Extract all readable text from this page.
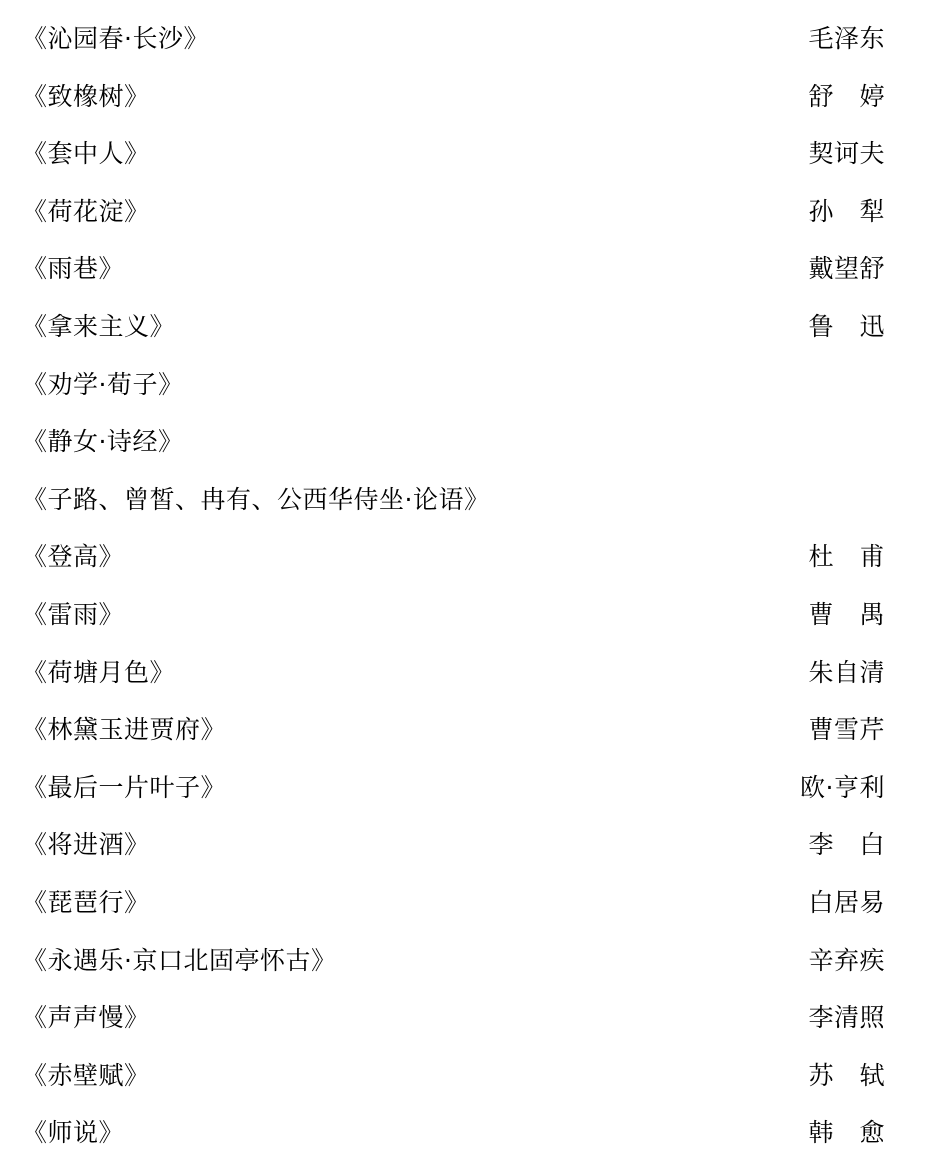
《沁园春·长沙》	毛泽东
《致橡树》	舒　婷
《套中人》	契诃夫
《荷花淀》	孙　犁
《雨巷》	戴望舒
《拿来主义》	鲁　迅
《劝学·荀子》
《静女·诗经》
《子路、曾皙、冉有、公西华侍坐·论语》
《登高》	杜　甫
《雷雨》	曹　禺
《荷塘月色》	朱自清
《林黛玉进贾府》	曹雪芹
《最后一片叶子》	欧·亨利
《将进酒》	李　白
《琵琶行》	白居易
《永遇乐·京口北固亭怀古》	辛弃疾
《声声慢》	李清照
《赤壁赋》	苏　轼
《师说》	韩　愈
